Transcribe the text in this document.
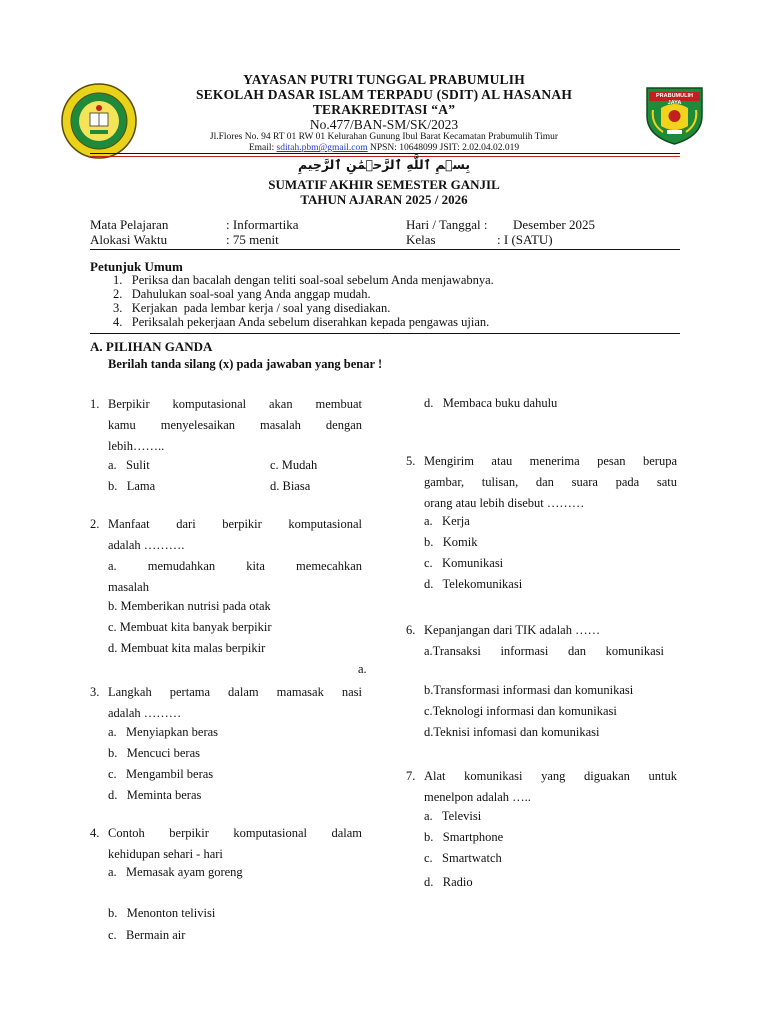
PRABUMULIH JAYA
YAYASAN PUTRI TUNGGAL PRABUMULIH
SEKOLAH DASAR ISLAM TERPADU (SDIT) AL HASANAH
TERAKREDITASI “A”
No.477/BAN-SM/SK/2023
Jl.Flores No. 94 RT 01 RW 01 Kelurahan Gunung Ibul Barat Kecamatan Prabumulih Timur
Email: sditah.pbm@gmail.com NPSN: 10648099 JSIT: 2.02.04.02.019
بِسۡمِ ٱللَّهِ ٱلرَّحۡمَٰنِ ٱلرَّحِيمِ
SUMATIF AKHIR SEMESTER GANJIL
TAHUN AJARAN 2025 / 2026
Mata Pelajaran	: Informartika
Alokasi Waktu	: 75 menit
Hari / Tanggal : Desember 2025
Kelas	: I (SATU)
Petunjuk Umum
1.   Periksa dan bacalah dengan teliti soal-soal sebelum Anda menjawabnya.
2.   Dahulukan soal-soal yang Anda anggap mudah.
3.   Kerjakan  pada lembar kerja / soal yang disediakan.
4.   Periksalah pekerjaan Anda sebelum diserahkan kepada pengawas ujian.
A. PILIHAN GANDA
Berilah tanda silang (x) pada jawaban yang benar !
1. Berpikir komputasional akan membuat
kamu menyelesaikan masalah dengan
lebih……..
a.   Sulit	c. Mudah
b.   Lama	d. Biasa
2. Manfaat dari berpikir komputasional
adalah ……….
a. memudahkan kita memecahkan
masalah
b. Memberikan nutrisi pada otak
c. Membuat kita banyak berpikir
d. Membuat kita malas berpikir
a.
3. Langkah pertama dalam mamasak nasi
adalah ………
a.   Menyiapkan beras
b.   Mencuci beras
c.   Mengambil beras
d.   Meminta beras
4. Contoh berpikir komputasional dalam
kehidupan sehari - hari
a.   Memasak ayam goreng
b.   Menonton telivisi
c.   Bermain air
d.   Membaca buku dahulu
5. Mengirim atau menerima pesan berupa
gambar, tulisan, dan suara pada satu
orang atau lebih disebut ………
a.   Kerja
b.   Komik
c.   Komunikasi
d.   Telekomunikasi
6. Kepanjangan dari TIK adalah ……
a.Transaksi informasi dan komunikasi
b.Transformasi informasi dan komunikasi
c.Teknologi informasi dan komunikasi
d.Teknisi infomasi dan komunikasi
7. Alat komunikasi yang diguakan untuk
menelpon adalah …..
a.   Televisi
b.   Smartphone
c.   Smartwatch
d.   Radio
